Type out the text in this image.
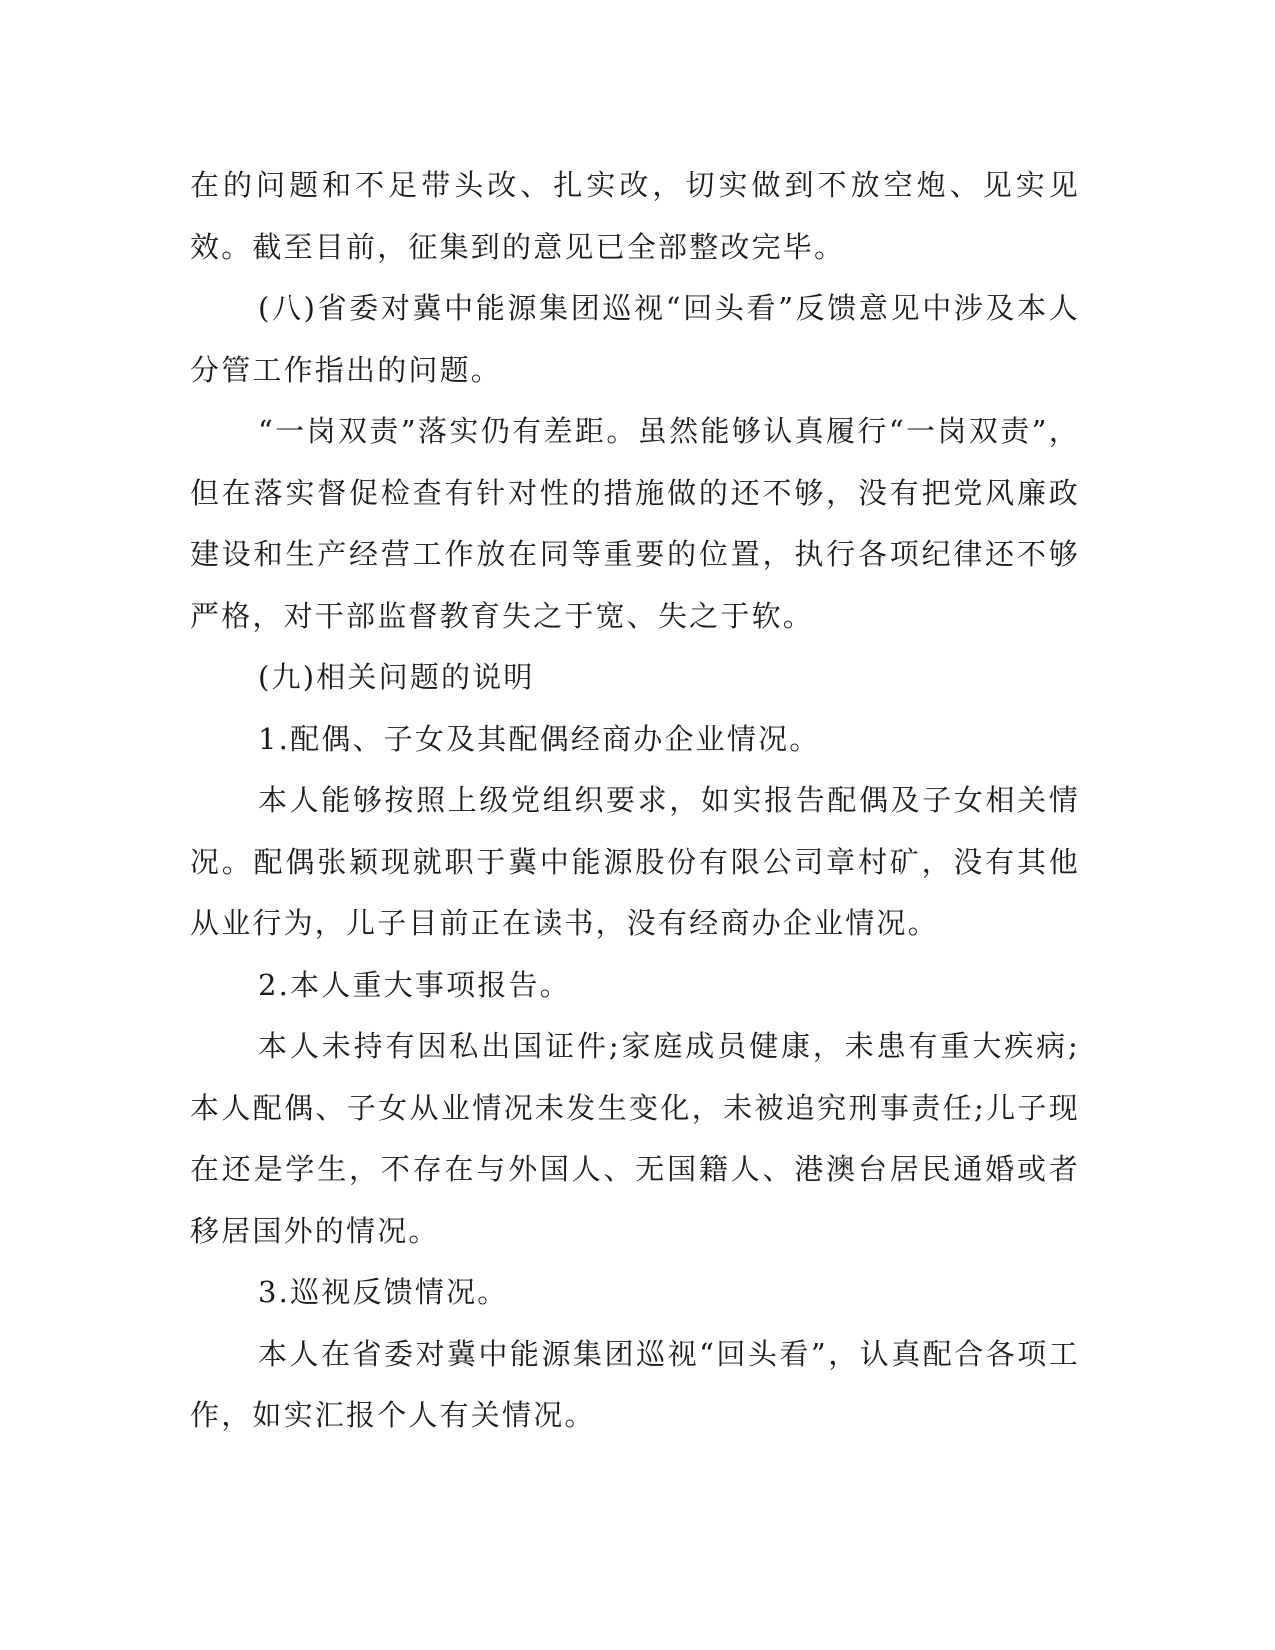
在的问题和不足带头改、扎实改，切实做到不放空炮、见实见效。截至目前，征集到的意见已全部整改完毕。

(八)省委对冀中能源集团巡视“回头看”反馈意见中涉及本人分管工作指出的问题。

“一岗双责”落实仍有差距。虽然能够认真履行“一岗双责”，但在落实督促检查有针对性的措施做的还不够，没有把党风廉政建设和生产经营工作放在同等重要的位置，执行各项纪律还不够严格，对干部监督教育失之于宽、失之于软。

(九)相关问题的说明

1.配偶、子女及其配偶经商办企业情况。

本人能够按照上级党组织要求，如实报告配偶及子女相关情况。配偶张颖现就职于冀中能源股份有限公司章村矿，没有其他从业行为，儿子目前正在读书，没有经商办企业情况。

2.本人重大事项报告。

本人未持有因私出国证件;家庭成员健康，未患有重大疾病;本人配偶、子女从业情况未发生变化，未被追究刑事责任;儿子现在还是学生，不存在与外国人、无国籍人、港澳台居民通婚或者移居国外的情况。

3.巡视反馈情况。

本人在省委对冀中能源集团巡视“回头看”，认真配合各项工作，如实汇报个人有关情况。
